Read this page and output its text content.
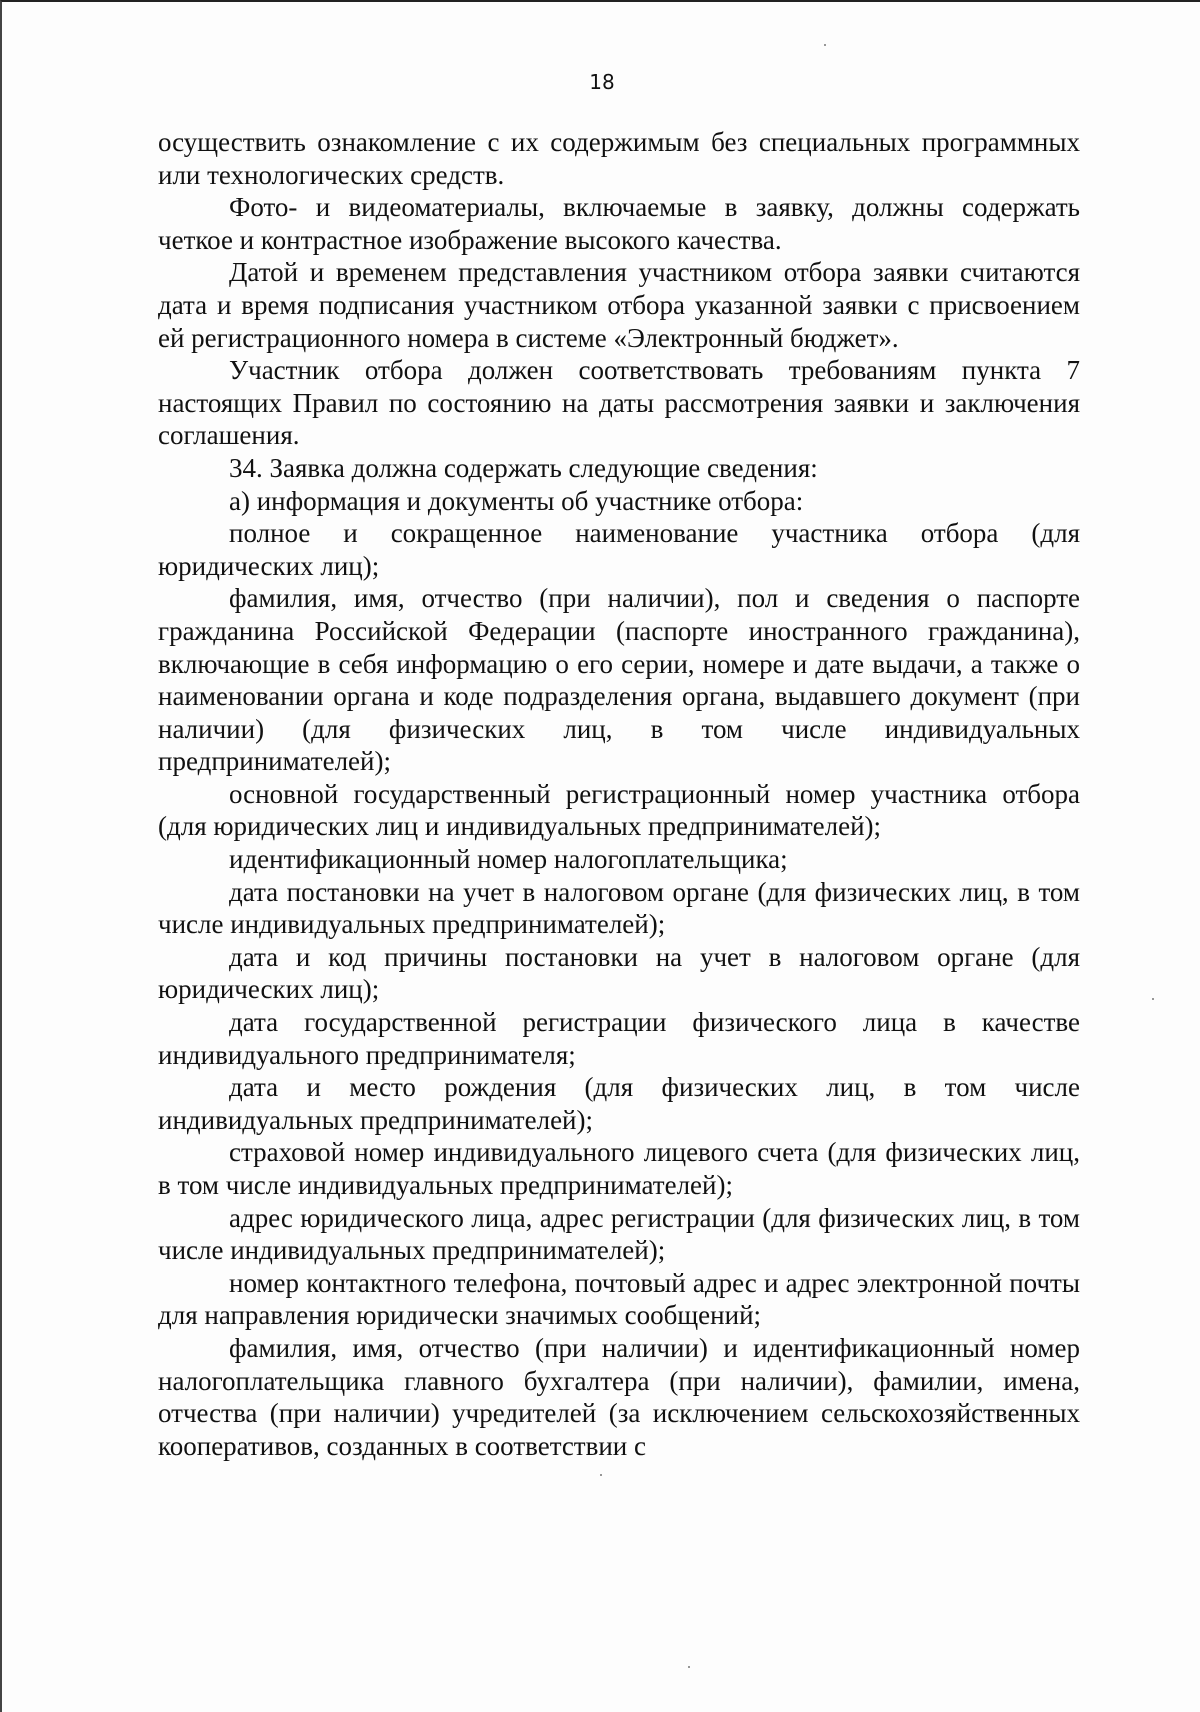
18

осуществить ознакомление с их содержимым без специальных программных или технологических средств.

Фото- и видеоматериалы, включаемые в заявку, должны содержать четкое и контрастное изображение высокого качества.

Датой и временем представления участником отбора заявки считаются дата и время подписания участником отбора указанной заявки с присвоением ей регистрационного номера в системе «Электронный бюджет».

Участник отбора должен соответствовать требованиям пункта 7 настоящих Правил по состоянию на даты рассмотрения заявки и заключения соглашения.

34. Заявка должна содержать следующие сведения:

а) информация и документы об участнике отбора:

полное и сокращенное наименование участника отбора (для юридических лиц);

фамилия, имя, отчество (при наличии), пол и сведения о паспорте гражданина Российской Федерации (паспорте иностранного гражданина), включающие в себя информацию о его серии, номере и дате выдачи, а также о наименовании органа и коде подразделения органа, выдавшего документ (при наличии) (для физических лиц, в том числе индивидуальных предпринимателей);

основной государственный регистрационный номер участника отбора (для юридических лиц и индивидуальных предпринимателей);

идентификационный номер налогоплательщика;

дата постановки на учет в налоговом органе (для физических лиц, в том числе индивидуальных предпринимателей);

дата и код причины постановки на учет в налоговом органе (для юридических лиц);

дата государственной регистрации физического лица в качестве индивидуального предпринимателя;

дата и место рождения (для физических лиц, в том числе индивидуальных предпринимателей);

страховой номер индивидуального лицевого счета (для физических лиц, в том числе индивидуальных предпринимателей);

адрес юридического лица, адрес регистрации (для физических лиц, в том числе индивидуальных предпринимателей);

номер контактного телефона, почтовый адрес и адрес электронной почты для направления юридически значимых сообщений;

фамилия, имя, отчество (при наличии) и идентификационный номер налогоплательщика главного бухгалтера (при наличии), фамилии, имена, отчества (при наличии) учредителей (за исключением сельскохозяйственных кооперативов, созданных в соответствии с
